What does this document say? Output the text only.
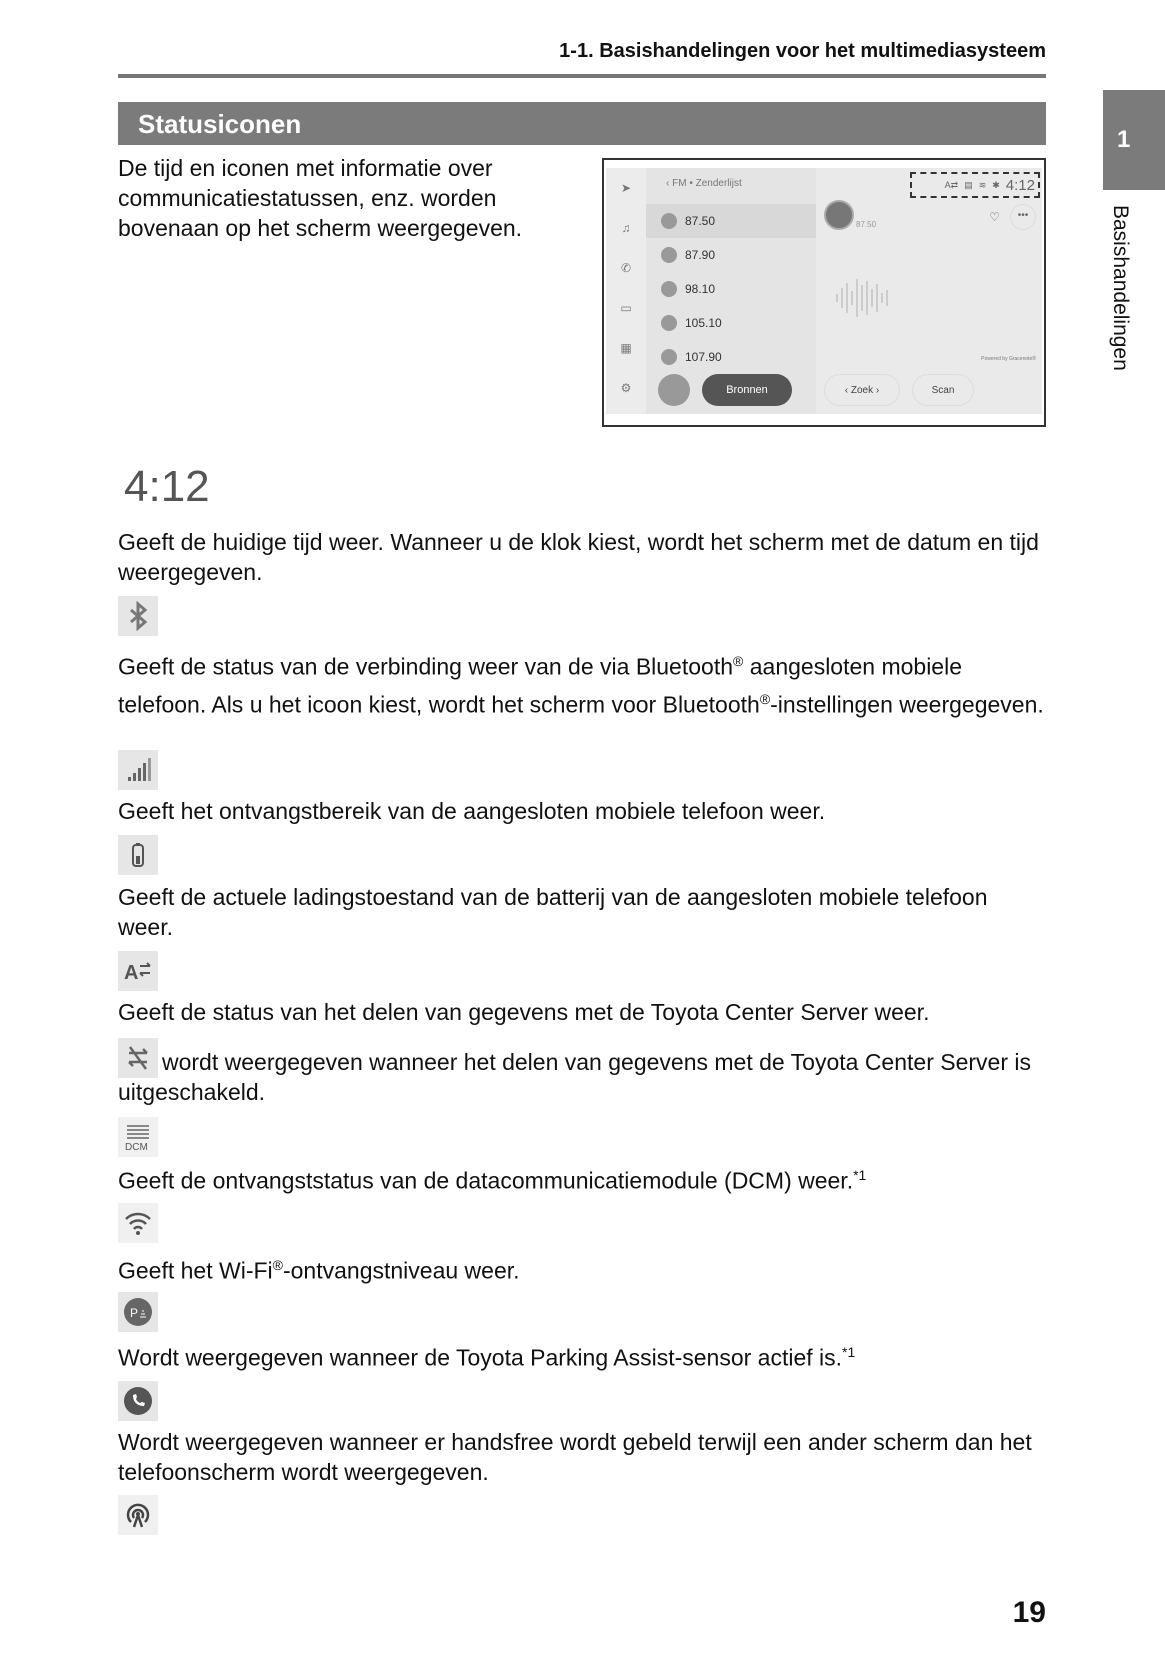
1-1. Basishandelingen voor het multimediasysteem
1
Basishandelingen
Statusiconen
De tijd en iconen met informatie over communicatiestatussen, enz. worden bovenaan op het scherm weergegeven.
➤
♫
✆
▭
▦
⚙
‹ FM • Zenderlijst
87.50
87.90
98.10
105.10
107.90
Bronnen
A⇄ ▤ ≋ ✱ 4:12
87.50
♡	•••
Powered by Gracenote®
‹ Zoek ›	Scan
4:12
Geeft de huidige tijd weer. Wanneer u de klok kiest, wordt het scherm met de datum en tijd weergegeven.
Geeft de status van de verbinding weer van de via Bluetooth® aangesloten mobiele telefoon. Als u het icoon kiest, wordt het scherm voor Bluetooth®-instellingen weergegeven.
Geeft het ontvangstbereik van de aangesloten mobiele telefoon weer.
Geeft de actuele ladingstoestand van de batterij van de aangesloten mobiele telefoon weer.
A
Geeft de status van het delen van gegevens met de Toyota Center Server weer.
wordt weergegeven wanneer het delen van gegevens met de Toyota Center Server is uitgeschakeld.
DCM
Geeft de ontvangststatus van de datacommunicatiemodule (DCM) weer.$^{*1}$
Geeft het Wi-Fi®-ontvangstniveau weer.
P
Wordt weergegeven wanneer de Toyota Parking Assist-sensor actief is.$^{*1}$
Wordt weergegeven wanneer er handsfree wordt gebeld terwijl een ander scherm dan het telefoonscherm wordt weergegeven.
19
